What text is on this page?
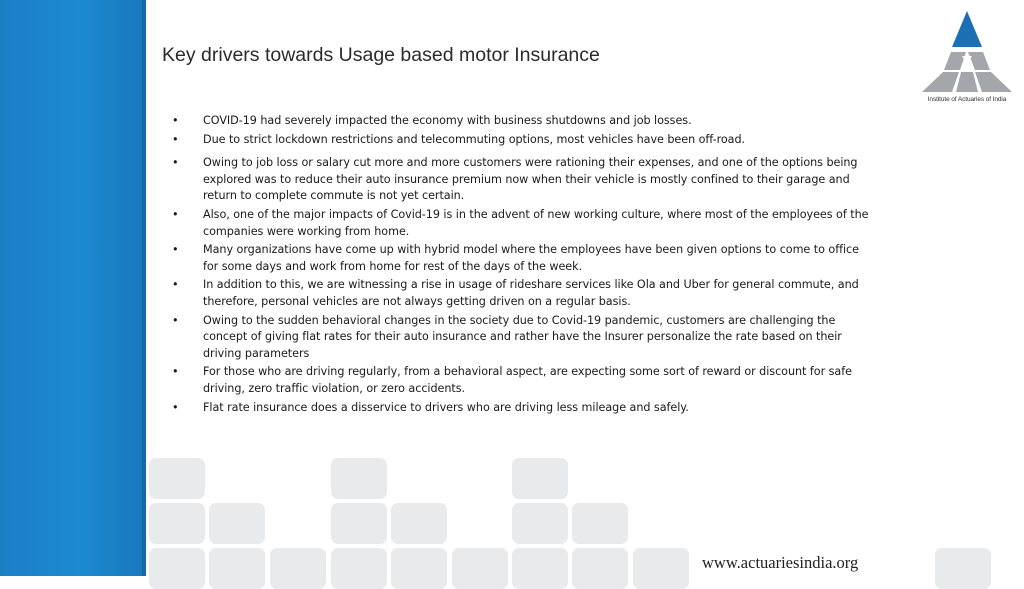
Key drivers towards Usage based motor Insurance
Institute of Actuaries of India
•	COVID-19 had severely impacted the economy with business shutdowns and job losses.
•	Due to strict lockdown restrictions and telecommuting options, most vehicles have been off-road.
•	Owing to job loss or salary cut more and more customers were rationing their expenses, and one of the options being explored was to reduce their auto insurance premium now when their vehicle is mostly confined to their garage and return to complete commute is not yet certain.
•	Also, one of the major impacts of Covid-19 is in the advent of new working culture, where most of the employees of the companies were working from home.
•	Many organizations have come up with hybrid model where the employees have been given options to come to office for some days and work from home for rest of the days of the week.
•	In addition to this, we are witnessing a rise in usage of rideshare services like Ola and Uber for general commute, and therefore, personal vehicles are not always getting driven on a regular basis.
•	Owing to the sudden behavioral changes in the society due to Covid-19 pandemic, customers are challenging the concept of giving flat rates for their auto insurance and rather have the Insurer personalize the rate based on their driving parameters
•	For those who are driving regularly, from a behavioral aspect, are expecting some sort of reward or discount for safe driving, zero traffic violation, or zero accidents.
•	Flat rate insurance does a disservice to drivers who are driving less mileage and safely.
www.actuariesindia.org
